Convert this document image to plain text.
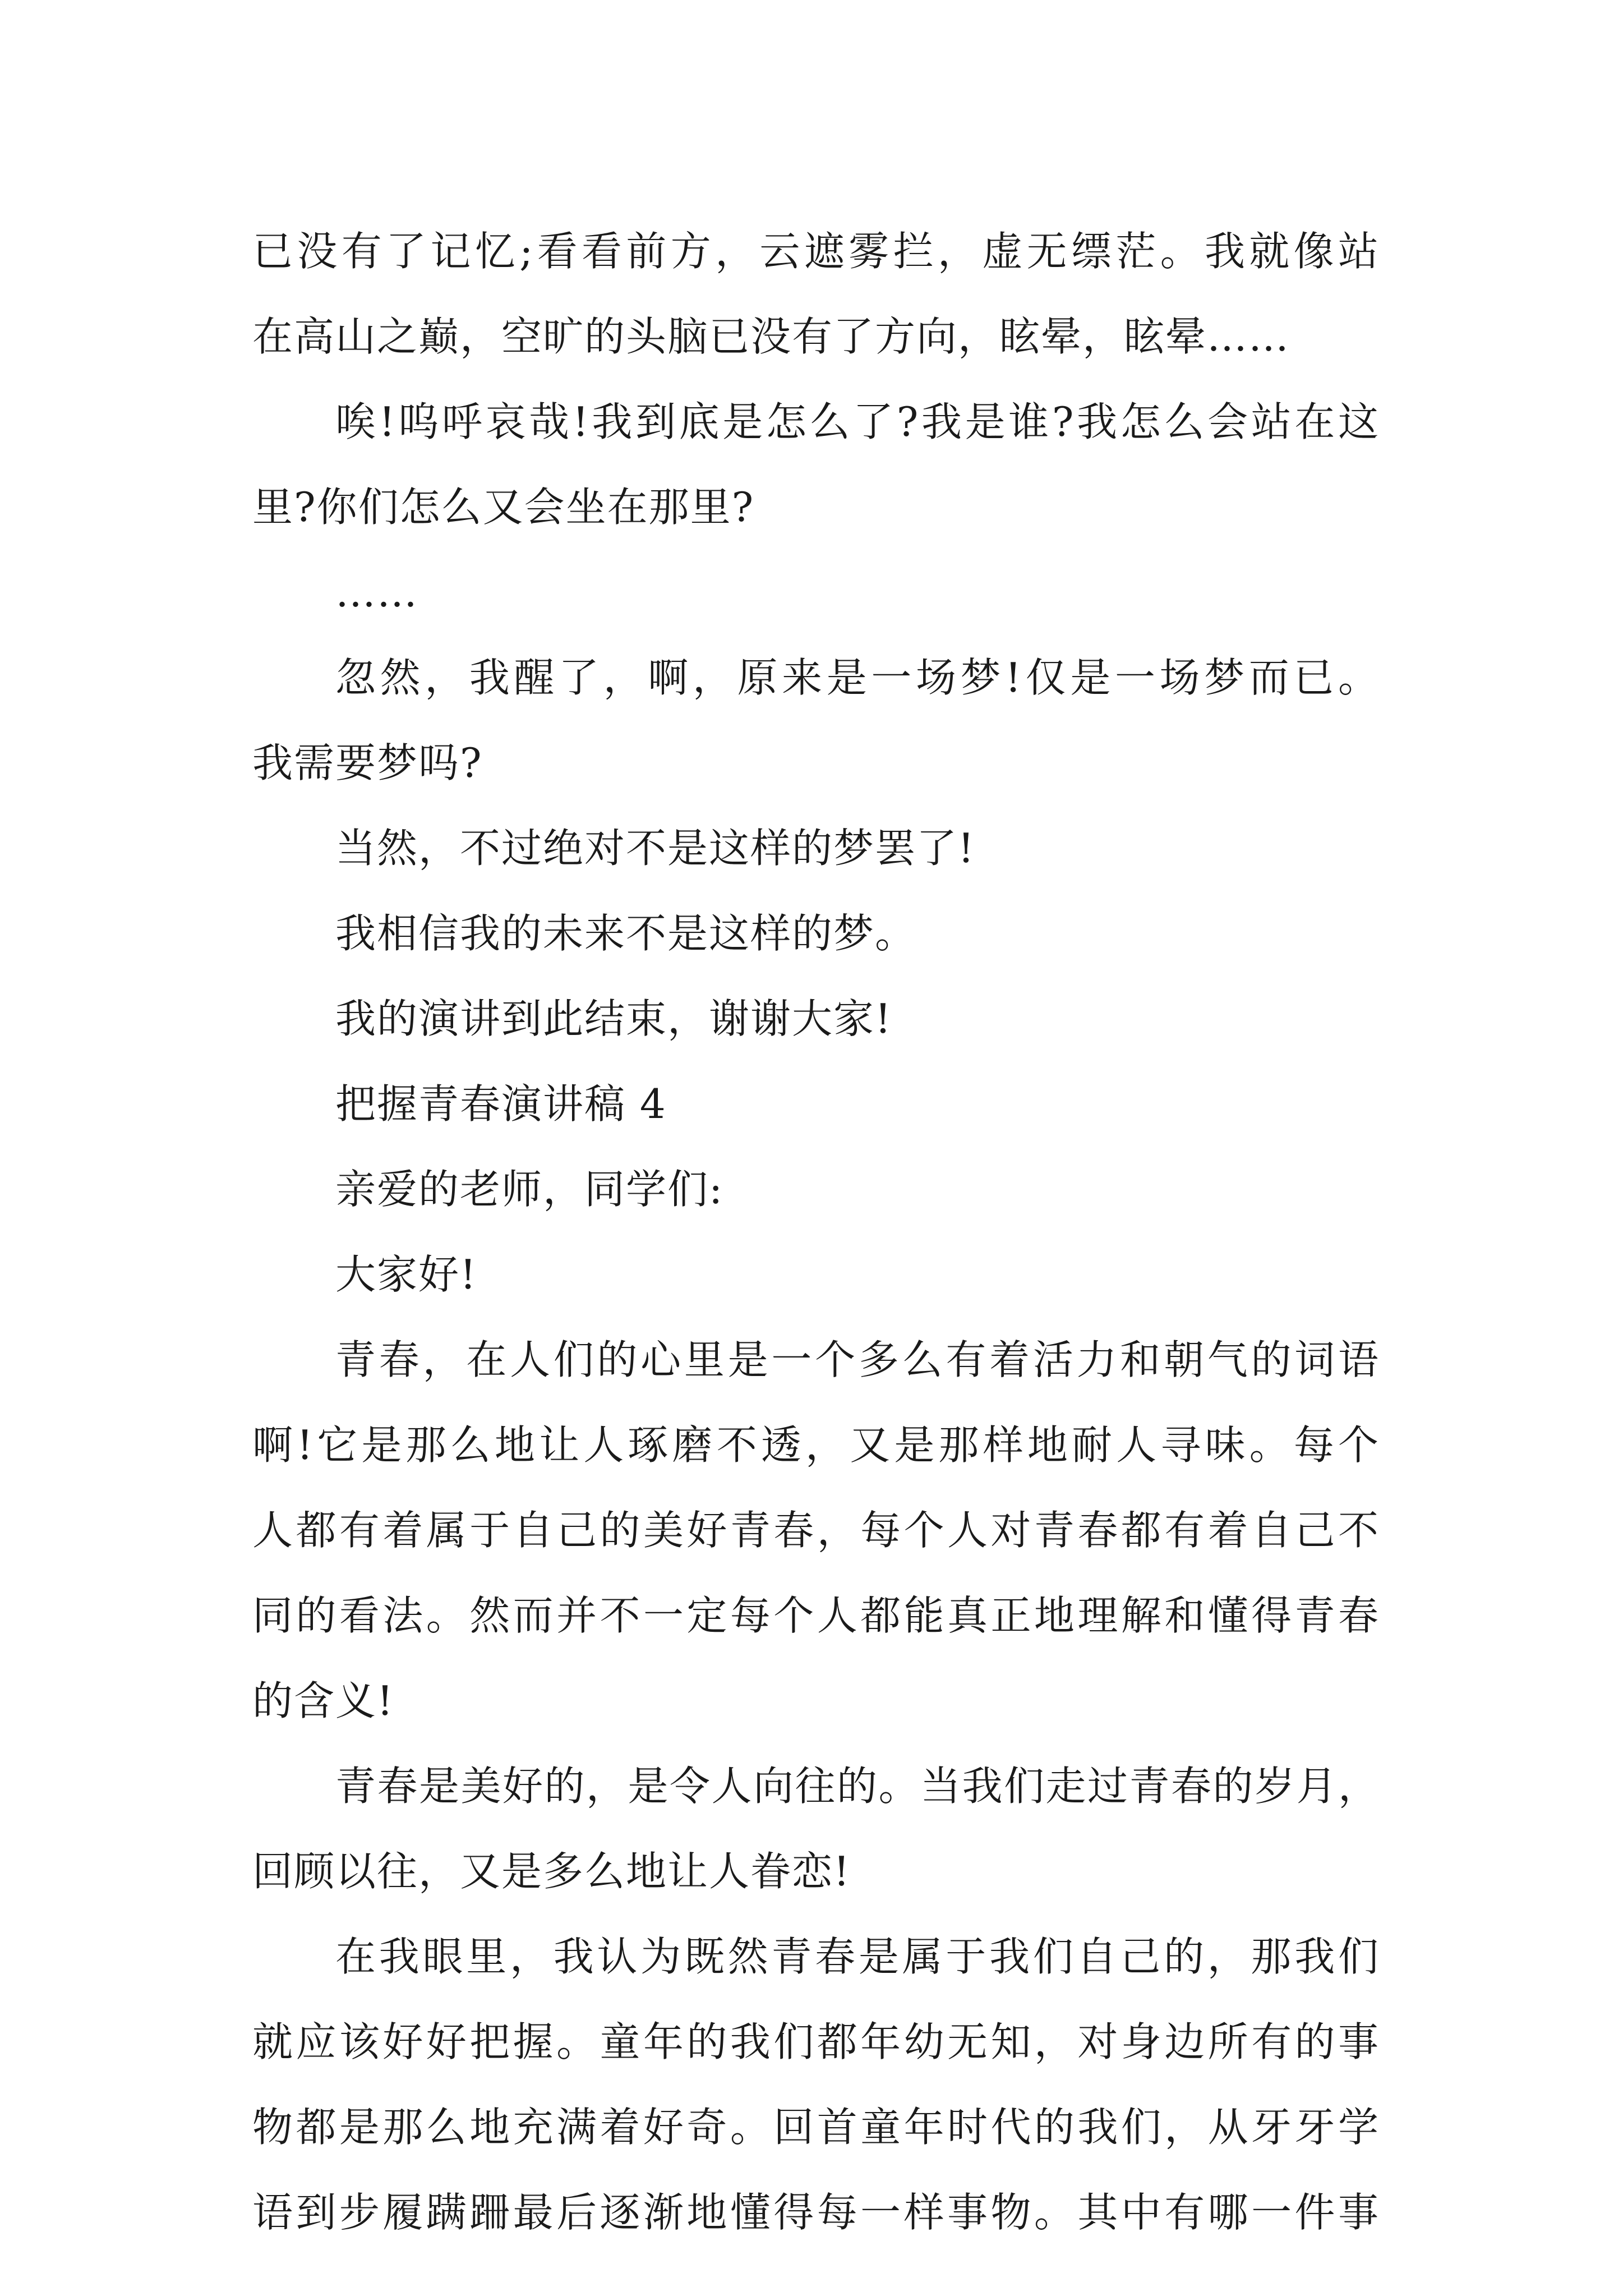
已没有了记忆;看看前方，云遮雾拦，虚无缥茫。我就像站
在高山之巅，空旷的头脑已没有了方向，眩晕，眩晕……
唉!呜呼哀哉!我到底是怎么了?我是谁?我怎么会站在这
里?你们怎么又会坐在那里?
……
忽然，我醒了，啊，原来是一场梦!仅是一场梦而已。
我需要梦吗?
当然，不过绝对不是这样的梦罢了!
我相信我的未来不是这样的梦。
我的演讲到此结束，谢谢大家!
把握青春演讲稿 4
亲爱的老师，同学们:
大家好!
青春，在人们的心里是一个多么有着活力和朝气的词语
啊!它是那么地让人琢磨不透，又是那样地耐人寻味。每个
人都有着属于自己的美好青春，每个人对青春都有着自己不
同的看法。然而并不一定每个人都能真正地理解和懂得青春
的含义!
青春是美好的，是令人向往的。当我们走过青春的岁月，
回顾以往，又是多么地让人眷恋!
在我眼里，我认为既然青春是属于我们自己的，那我们
就应该好好把握。童年的我们都年幼无知，对身边所有的事
物都是那么地充满着好奇。回首童年时代的我们，从牙牙学
语到步履蹒跚最后逐渐地懂得每一样事物。其中有哪一件事
